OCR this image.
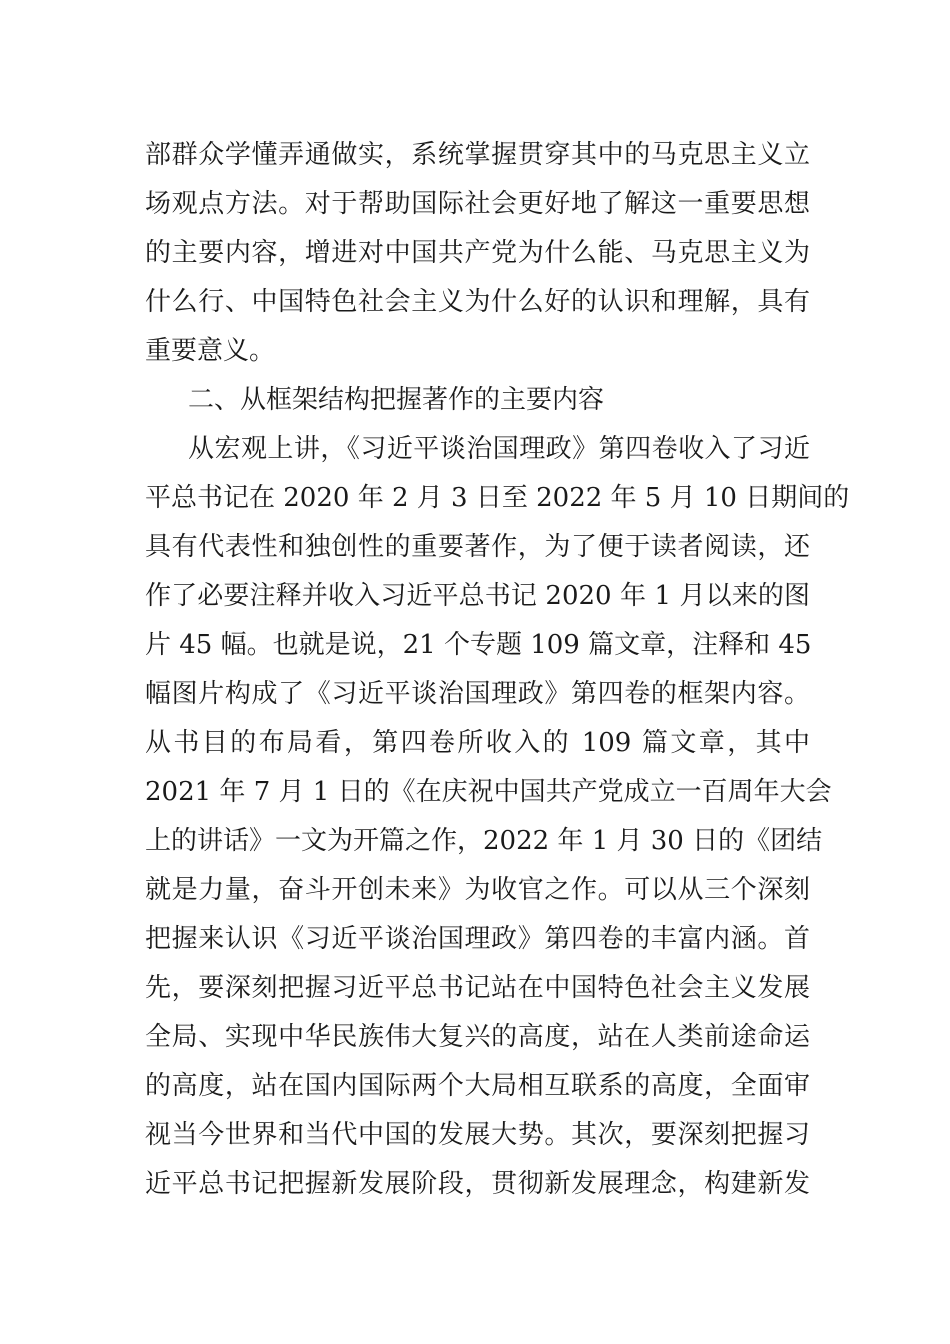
部群众学懂弄通做实，系统掌握贯穿其中的马克思主义立
场观点方法。对于帮助国际社会更好地了解这一重要思想
的主要内容，增进对中国共产党为什么能、马克思主义为
什么行、中国特色社会主义为什么好的认识和理解，具有
重要意义。
二、从框架结构把握著作的主要内容
从宏观上讲，《习近平谈治国理政》第四卷收入了习近
平总书记在 2020 年 2 月 3 日至 2022 年 5 月 10 日期间的
具有代表性和独创性的重要著作，为了便于读者阅读，还
作了必要注释并收入习近平总书记 2020 年 1 月以来的图
片 45 幅。也就是说，21 个专题 109 篇文章，注释和 45
幅图片构成了《习近平谈治国理政》第四卷的框架内容。
从书目的布局看，第四卷所收入的 109 篇文章，其中
2021 年 7 月 1 日的《在庆祝中国共产党成立一百周年大会
上的讲话》一文为开篇之作，2022 年 1 月 30 日的《团结
就是力量，奋斗开创未来》为收官之作。可以从三个深刻
把握来认识《习近平谈治国理政》第四卷的丰富内涵。首
先，要深刻把握习近平总书记站在中国特色社会主义发展
全局、实现中华民族伟大复兴的高度，站在人类前途命运
的高度，站在国内国际两个大局相互联系的高度，全面审
视当今世界和当代中国的发展大势。其次，要深刻把握习
近平总书记把握新发展阶段，贯彻新发展理念，构建新发
